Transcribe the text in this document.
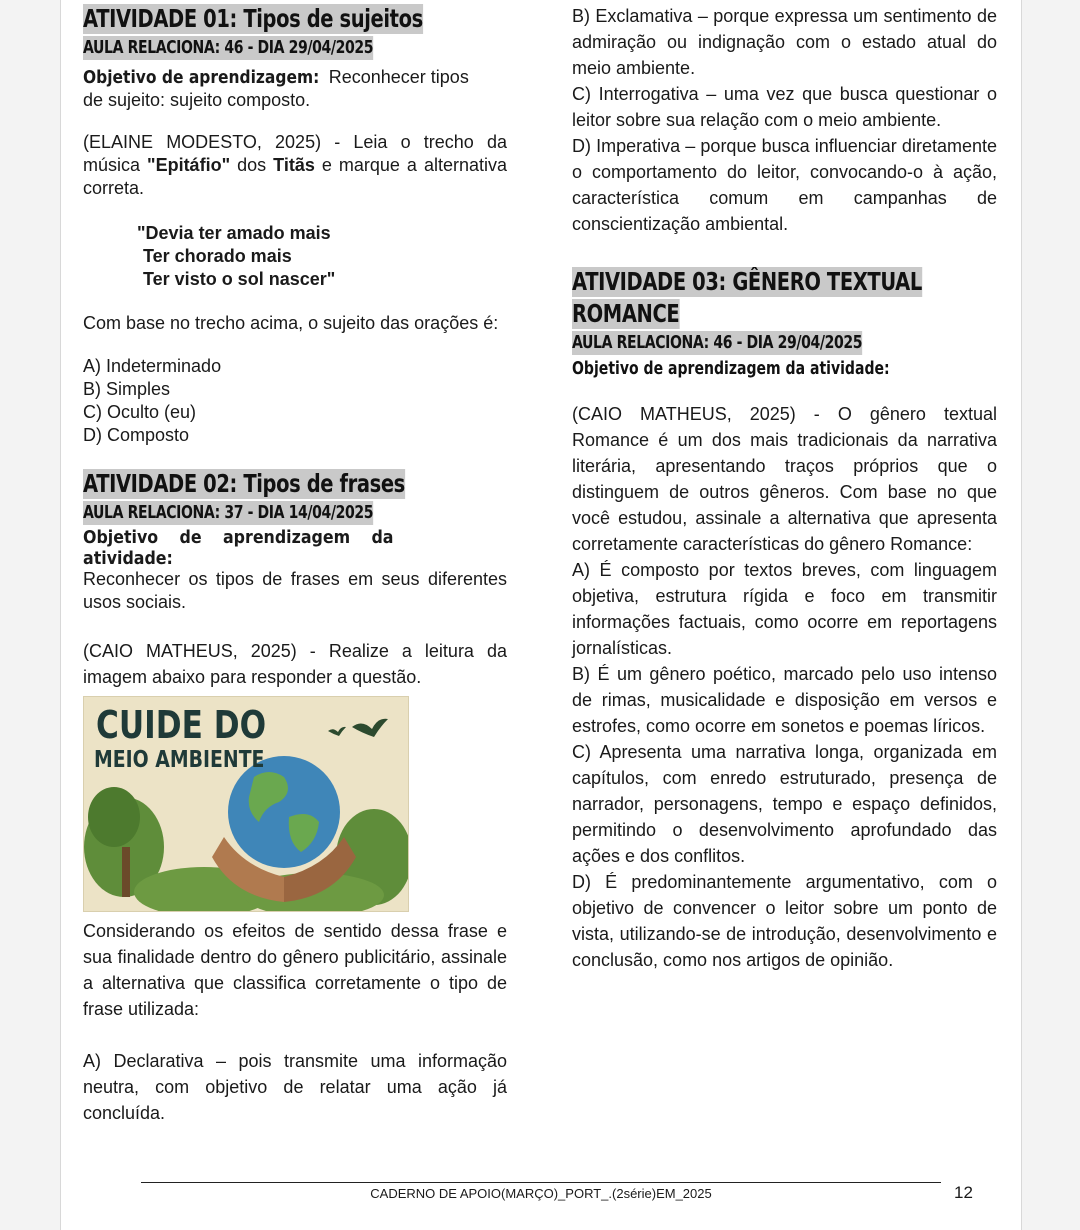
ATIVIDADE 01: Tipos de sujeitos
AULA RELACIONA: 46 - DIA 29/04/2025

Objetivo de aprendizagem: Reconhecer tipos
de sujeito: sujeito composto.

(ELAINE MODESTO, 2025) - Leia o trecho da música "Epitáfio" dos Titãs e marque a alternativa correta.

"Devia ter amado mais
Ter chorado mais
Ter visto o sol nascer"

Com base no trecho acima, o sujeito das orações é:

A) Indeterminado

B) Simples

C) Oculto (eu)

D) Composto

ATIVIDADE 02: Tipos de frases
AULA RELACIONA: 37 - DIA 14/04/2025
Objetivo de aprendizagem da atividade:

Reconhecer os tipos de frases em seus diferentes usos sociais.

(CAIO MATHEUS, 2025) - Realize a leitura da imagem abaixo para responder a questão.

CUIDE DO
MEIO AMBIENTE

Considerando os efeitos de sentido dessa frase e sua finalidade dentro do gênero publicitário, assinale a alternativa que classifica corretamente o tipo de frase utilizada:

A) Declarativa – pois transmite uma informação neutra, com objetivo de relatar uma ação já concluída.

B) Exclamativa – porque expressa um sentimento de admiração ou indignação com o estado atual do meio ambiente.

C) Interrogativa – uma vez que busca questionar o leitor sobre sua relação com o meio ambiente.

D) Imperativa – porque busca influenciar diretamente o comportamento do leitor, convocando-o à ação, característica comum em campanhas de conscientização ambiental.

ATIVIDADE 03: GÊNERO TEXTUAL
ROMANCE
AULA RELACIONA: 46 - DIA 29/04/2025
Objetivo de aprendizagem da atividade:

(CAIO MATHEUS, 2025) - O gênero textual Romance é um dos mais tradicionais da narrativa literária, apresentando traços próprios que o distinguem de outros gêneros. Com base no que você estudou, assinale a alternativa que apresenta corretamente características do gênero Romance:

A) É composto por textos breves, com linguagem objetiva, estrutura rígida e foco em transmitir informações factuais, como ocorre em reportagens jornalísticas.

B) É um gênero poético, marcado pelo uso intenso de rimas, musicalidade e disposição em versos e estrofes, como ocorre em sonetos e poemas líricos.

C) Apresenta uma narrativa longa, organizada em capítulos, com enredo estruturado, presença de narrador, personagens, tempo e espaço definidos, permitindo o desenvolvimento aprofundado das ações e dos conflitos.

D) É predominantemente argumentativo, com o objetivo de convencer o leitor sobre um ponto de vista, utilizando-se de introdução, desenvolvimento e conclusão, como nos artigos de opinião.

CADERNO DE APOIO(MARÇO)_PORT_.(2série)EM_2025	12
